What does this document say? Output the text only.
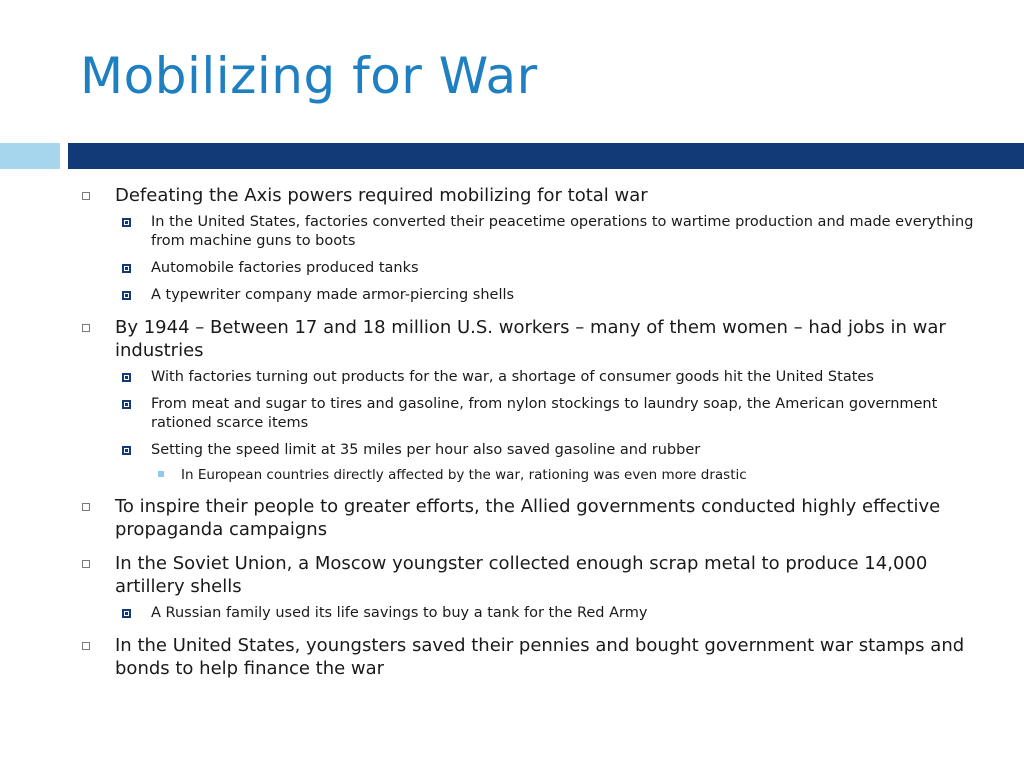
Mobilizing for War
Defeating the Axis powers required mobilizing for total war
In the United States, factories converted their peacetime operations to wartime production and made everything from machine guns to boots
Automobile factories produced tanks
A typewriter company made armor-piercing shells
By 1944 – Between 17 and 18 million U.S. workers – many of them women – had jobs in war industries
With factories turning out products for the war, a shortage of consumer goods hit the United States
From meat and sugar to tires and gasoline, from nylon stockings to laundry soap, the American government rationed scarce items
Setting the speed limit at 35 miles per hour also saved gasoline and rubber
In European countries directly affected by the war, rationing was even more drastic
To inspire their people to greater efforts, the Allied governments conducted highly effective propaganda campaigns
In the Soviet Union, a Moscow youngster collected enough scrap metal to produce 14,000 artillery shells
A Russian family used its life savings to buy a tank for the Red Army
In the United States, youngsters saved their pennies and bought government war stamps and bonds to help finance the war
